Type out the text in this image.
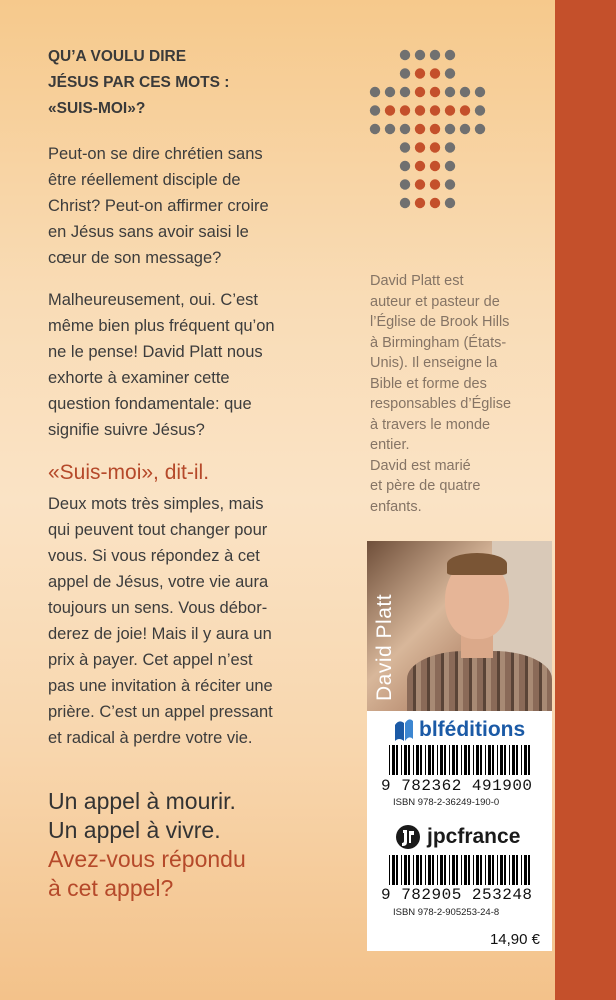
QU’A VOULU DIRE
JÉSUS PAR CES MOTS :
«SUIS-MOI»?
Peut-on se dire chrétien sans
être réellement disciple de
Christ? Peut-on affirmer croire
en Jésus sans avoir saisi le
cœur de son message?
Malheureusement, oui. C’est
même bien plus fréquent qu’on
ne le pense! David Platt nous
exhorte à examiner cette
question fondamentale: que
signifie suivre Jésus?
«Suis-moi», dit-il.
Deux mots très simples, mais
qui peuvent tout changer pour
vous. Si vous répondez à cet
appel de Jésus, votre vie aura
toujours un sens. Vous débor-
derez de joie! Mais il y aura un
prix à payer. Cet appel n’est
pas une invitation à réciter une
prière. C’est un appel pressant
et radical à perdre votre vie.
Un appel à mourir.
Un appel à vivre.
Avez-vous répondu
à cet appel?
David Platt est
auteur et pasteur de
l’Église de Brook Hills
à Birmingham (États-
Unis). Il enseigne la
Bible et forme des
responsables d’Église
à travers le monde
entier.
David est marié
et père de quatre
enfants.
David Platt
blféditions
9 782362 491900
ISBN 978-2-36249-190-0
jpcfrance
9 782905 253248
ISBN 978-2-905253-24-8
14,90 €
